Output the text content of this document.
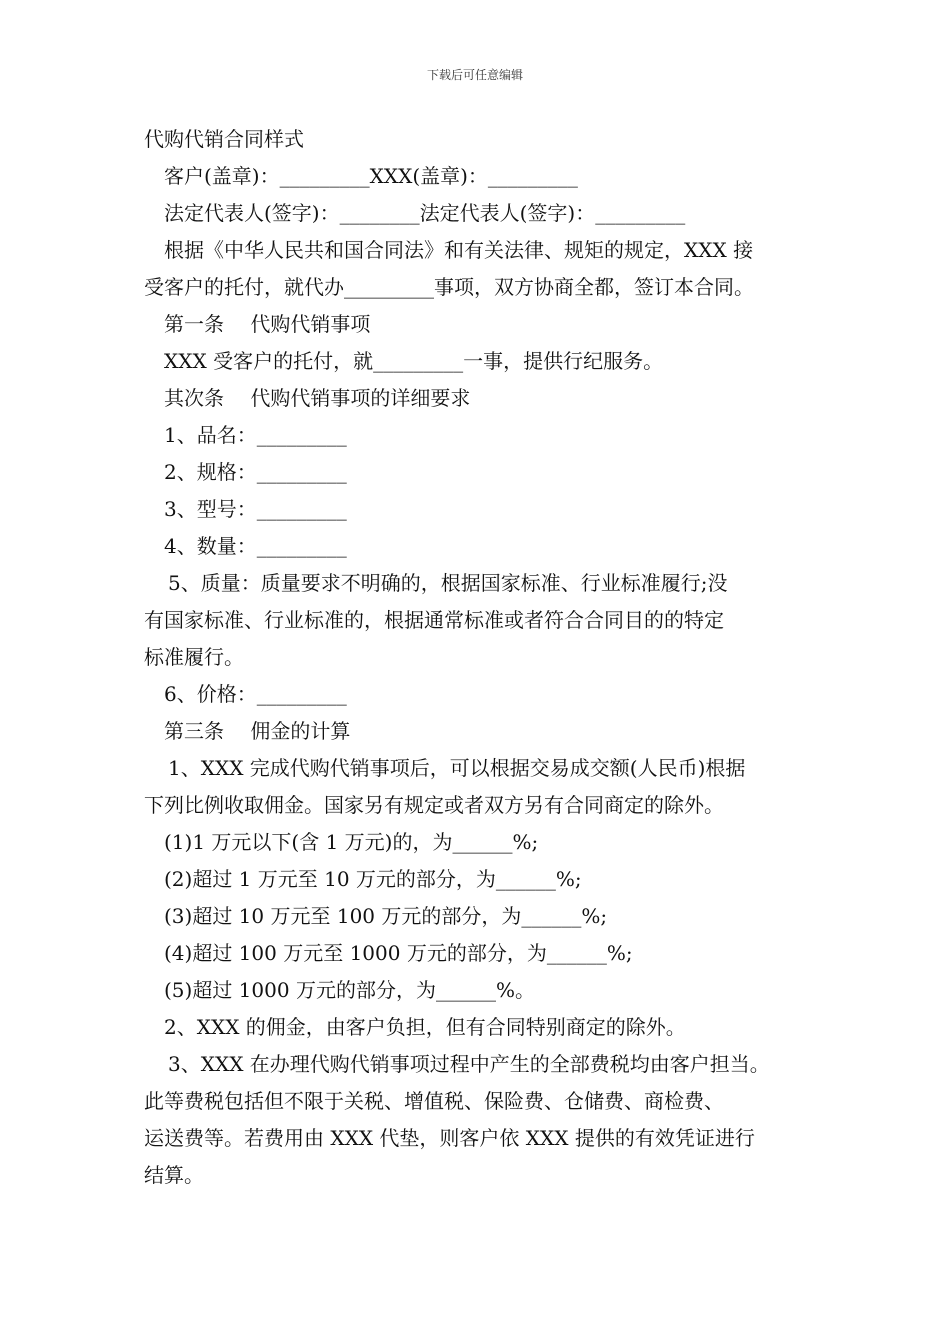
下载后可任意编辑
代购代销合同样式
客户(盖章)：_________XXX(盖章)：_________
法定代表人(签字)：________法定代表人(签字)：_________
根据《中华人民共和国合同法》和有关法律、规矩的规定，XXX 接
受客户的托付，就代办_________事项，双方协商全都，签订本合同。
第一条　 代购代销事项
XXX 受客户的托付，就_________一事，提供行纪服务。
其次条　 代购代销事项的详细要求
1、品名：_________
2、规格：_________
3、型号：_________
4、数量：_________
5、质量：质量要求不明确的，根据国家标准、行业标准履行;没
有国家标准、行业标准的，根据通常标准或者符合合同目的的特定
标准履行。
6、价格：_________
第三条　 佣金的计算
1、XXX 完成代购代销事项后，可以根据交易成交额(人民币)根据
下列比例收取佣金。国家另有规定或者双方另有合同商定的除外。
(1)1 万元以下(含 1 万元)的，为______%;
(2)超过 1 万元至 10 万元的部分，为______%;
(3)超过 10 万元至 100 万元的部分，为______%;
(4)超过 100 万元至 1000 万元的部分，为______%;
(5)超过 1000 万元的部分，为______%。
2、XXX 的佣金，由客户负担，但有合同特别商定的除外。
3、XXX 在办理代购代销事项过程中产生的全部费税均由客户担当。
此等费税包括但不限于关税、增值税、保险费、仓储费、商检费、
运送费等。若费用由 XXX 代垫，则客户依 XXX 提供的有效凭证进行
结算。
